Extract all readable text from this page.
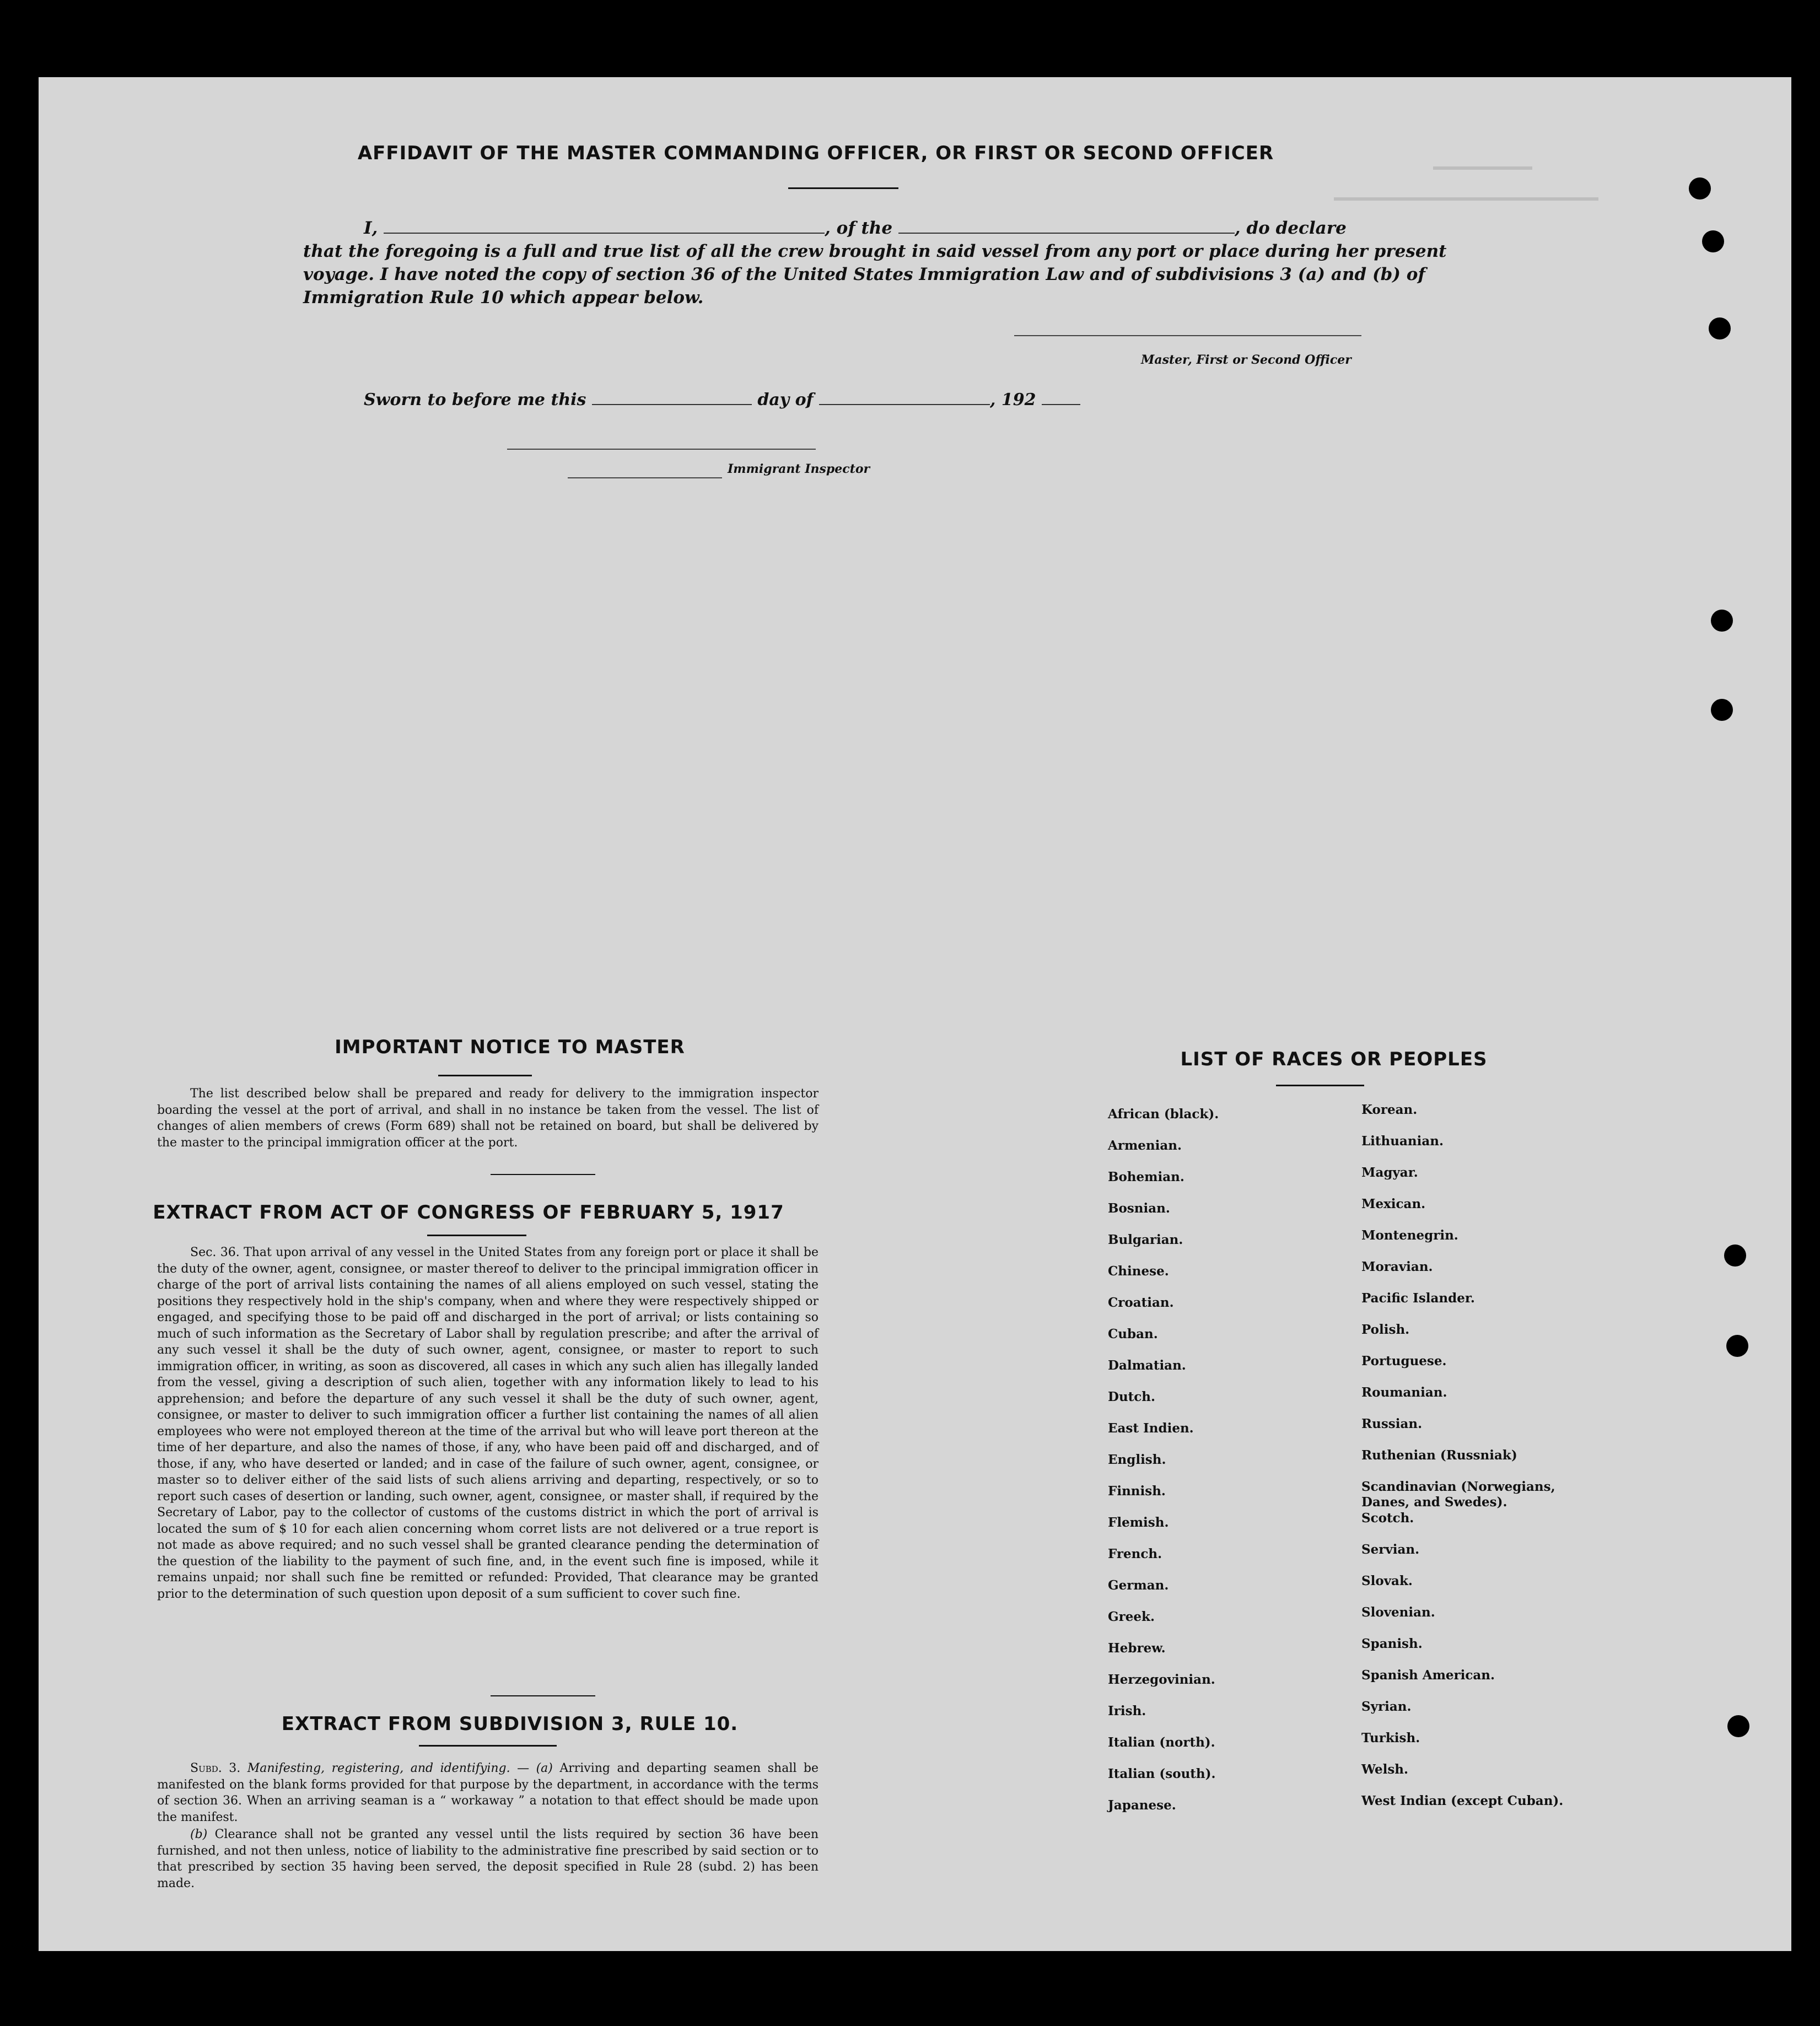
AFFIDAVIT OF THE MASTER COMMANDING OFFICER, OR FIRST OR SECOND OFFICER
I,	, of the	, do declare
that the foregoing is a full and true list of all the crew brought in said vessel from any port or place during her present
voyage. I have noted the copy of section 36 of the United States Immigration Law and of subdivisions 3 (a) and (b) of
Immigration Rule 10 which appear below.
Master, First or Second Officer
Sworn to before me this	day of	, 192
Immigrant Inspector
IMPORTANT NOTICE TO MASTER
The list described below shall be prepared and ready for delivery to the immigration inspector boarding the vessel at the port of arrival, and shall in no instance be taken from the vessel. The list of changes of alien members of crews (Form 689) shall not be retained on board, but shall be delivered by the master to the principal immigration officer at the port.
EXTRACT FROM ACT OF CONGRESS OF FEBRUARY 5, 1917
Sec. 36. That upon arrival of any vessel in the United States from any foreign port or place it shall be the duty of the owner, agent, consignee, or master thereof to deliver to the principal immigration officer in charge of the port of arrival lists containing the names of all aliens employed on such vessel, stating the positions they respectively hold in the ship's company, when and where they were respectively shipped or engaged, and specifying those to be paid off and discharged in the port of arrival; or lists containing so much of such information as the Secretary of Labor shall by regulation prescribe; and after the arrival of any such vessel it shall be the duty of such owner, agent, consignee, or master to report to such immigration officer, in writing, as soon as discovered, all cases in which any such alien has illegally landed from the vessel, giving a description of such alien, together with any information likely to lead to his apprehension; and before the departure of any such vessel it shall be the duty of such owner, agent, consignee, or master to deliver to such immigration officer a further list containing the names of all alien employees who were not employed thereon at the time of the arrival but who will leave port thereon at the time of her departure, and also the names of those, if any, who have been paid off and discharged, and of those, if any, who have deserted or landed; and in case of the failure of such owner, agent, consignee, or master so to deliver either of the said lists of such aliens arriving and departing, respectively, or so to report such cases of desertion or landing, such owner, agent, consignee, or master shall, if required by the Secretary of Labor, pay to the collector of customs of the customs district in which the port of arrival is located the sum of $ 10 for each alien concerning whom corret lists are not delivered or a true report is not made as above required; and no such vessel shall be granted clearance pending the determination of the question of the liability to the payment of such fine, and, in the event such fine is imposed, while it remains unpaid; nor shall such fine be remitted or refunded: Provided, That clearance may be granted prior to the determination of such question upon deposit of a sum sufficient to cover such fine.
EXTRACT FROM SUBDIVISION 3, RULE 10.
Subd. 3. Manifesting, registering, and identifying. — (a) Arriving and departing seamen shall be manifested on the blank forms provided for that purpose by the department, in accordance with the terms of section 36. When an arriving seaman is a “ workaway ” a notation to that effect should be made upon the manifest.
(b) Clearance shall not be granted any vessel until the lists required by section 36 have been furnished, and not then unless, notice of liability to the administrative fine prescribed by said section or to that prescribed by section 35 having been served, the deposit specified in Rule 28 (subd. 2) has been made.
LIST OF RACES OR PEOPLES
African (black).
Armenian.
Bohemian.
Bosnian.
Bulgarian.
Chinese.
Croatian.
Cuban.
Dalmatian.
Dutch.
East Indien.
English.
Finnish.
Flemish.
French.
German.
Greek.
Hebrew.
Herzegovinian.
Irish.
Italian (north).
Italian (south).
Japanese.
Korean.
Lithuanian.
Magyar.
Mexican.
Montenegrin.
Moravian.
Pacific Islander.
Polish.
Portuguese.
Roumanian.
Russian.
Ruthenian (Russniak)
Scandinavian (Norwegians, Danes, and Swedes).
Scotch.
Servian.
Slovak.
Slovenian.
Spanish.
Spanish American.
Syrian.
Turkish.
Welsh.
West Indian (except Cuban).
